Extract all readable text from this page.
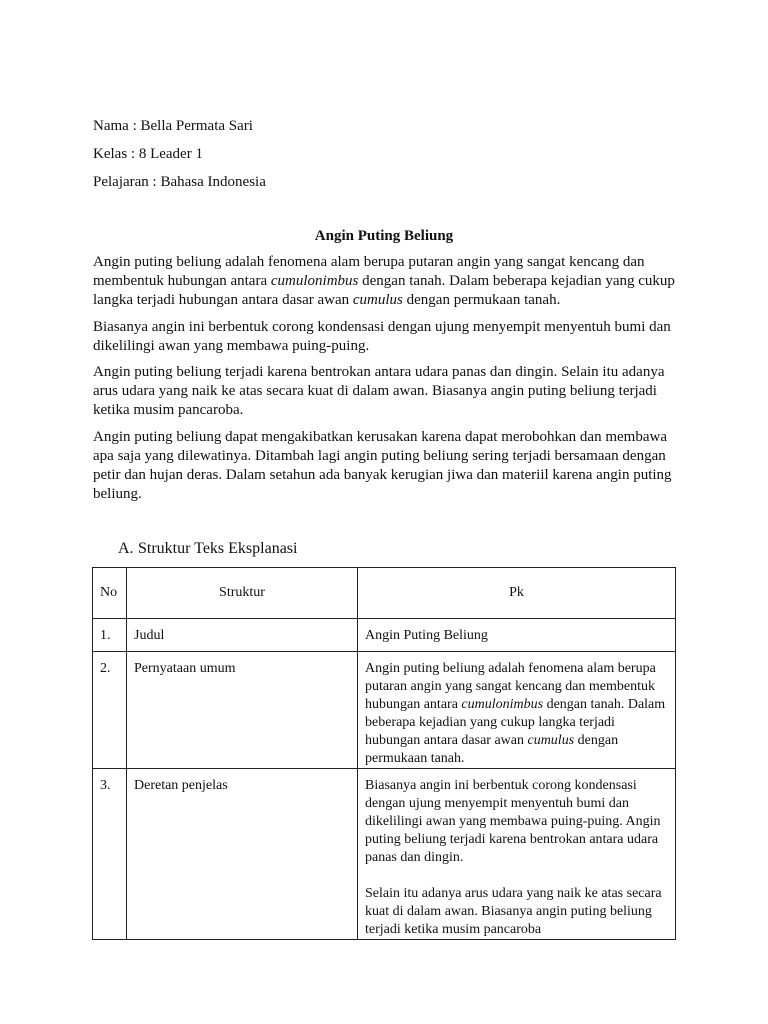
Nama : Bella Permata Sari
Kelas : 8 Leader 1
Pelajaran : Bahasa Indonesia
Angin Puting Beliung

Angin puting beliung adalah fenomena alam berupa putaran angin yang sangat kencang dan membentuk hubungan antara cumulonimbus dengan tanah. Dalam beberapa kejadian yang cukup langka terjadi hubungan antara dasar awan cumulus dengan permukaan tanah.

Biasanya angin ini berbentuk corong kondensasi dengan ujung menyempit menyentuh bumi dan dikelilingi awan yang membawa puing-puing.

Angin puting beliung terjadi karena bentrokan antara udara panas dan dingin. Selain itu adanya arus udara yang naik ke atas secara kuat di dalam awan. Biasanya angin puting beliung terjadi ketika musim pancaroba.

Angin puting beliung dapat mengakibatkan kerusakan karena dapat merobohkan dan membawa apa saja yang dilewatinya. Ditambah lagi angin puting beliung sering terjadi bersamaan dengan petir dan hujan deras. Dalam setahun ada banyak kerugian jiwa dan materiil karena angin puting beliung.

A. Struktur Teks Eksplanasi
No	Struktur	Pk
1.	Judul	Angin Puting Beliung
2.	Pernyataan umum	Angin puting beliung adalah fenomena alam berupa putaran angin yang sangat kencang dan membentuk hubungan antara cumulonimbus dengan tanah. Dalam beberapa kejadian yang cukup langka terjadi hubungan antara dasar awan cumulus dengan permukaan tanah.
3.	Deretan penjelas	Biasanya angin ini berbentuk corong kondensasi dengan ujung menyempit menyentuh bumi dan dikelilingi awan yang membawa puing-puing. Angin puting beliung terjadi karena bentrokan antara udara panas dan dingin.

Selain itu adanya arus udara yang naik ke atas secara kuat di dalam awan. Biasanya angin puting beliung terjadi ketika musim pancaroba
